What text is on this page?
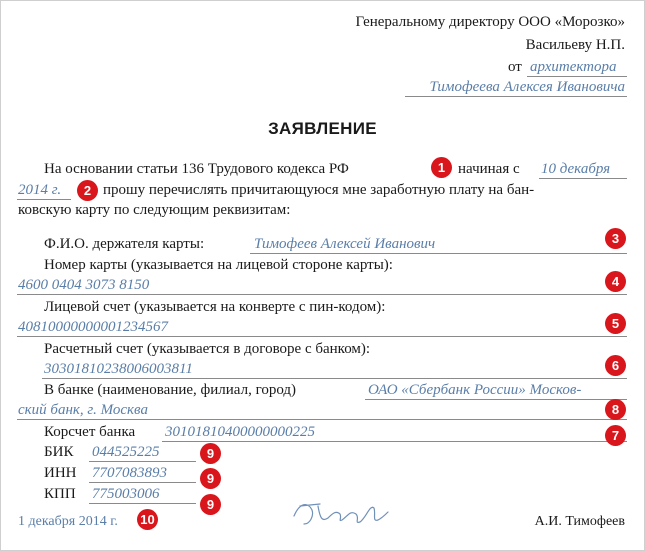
Генеральному директору ООО «Морозко»
Васильеву Н.П.
от архитектора
Тимофеева Алексея Ивановича
ЗАЯВЛЕНИЕ
На основании статьи 136 Трудового кодекса РФ	1 начиная с 10 декабря
2014 г.	2 прошу перечислять причитающуюся мне заработную плату на бан-
ковскую карту по следующим реквизитам:
Ф.И.О. держателя карты:	Тимофеев Алексей Иванович	3
Номер карты (указывается на лицевой стороне карты):
4600 0404 3073 8150	4
Лицевой счет (указывается на конверте с пин-кодом):
40810000000001234567	5
Расчетный счет (указывается в договоре с банком):
30301810238006003811	6
В банке (наименование, филиал, город)	ОАО «Сбербанк России» Москов-
ский банк, г. Москва	8
Корсчет банка 30101810400000000225	7
БИК 044525225	9
ИНН 7707083893	9
КПП 775003006
9
1 декабря 2014 г. 10	А.И. Тимофеев
